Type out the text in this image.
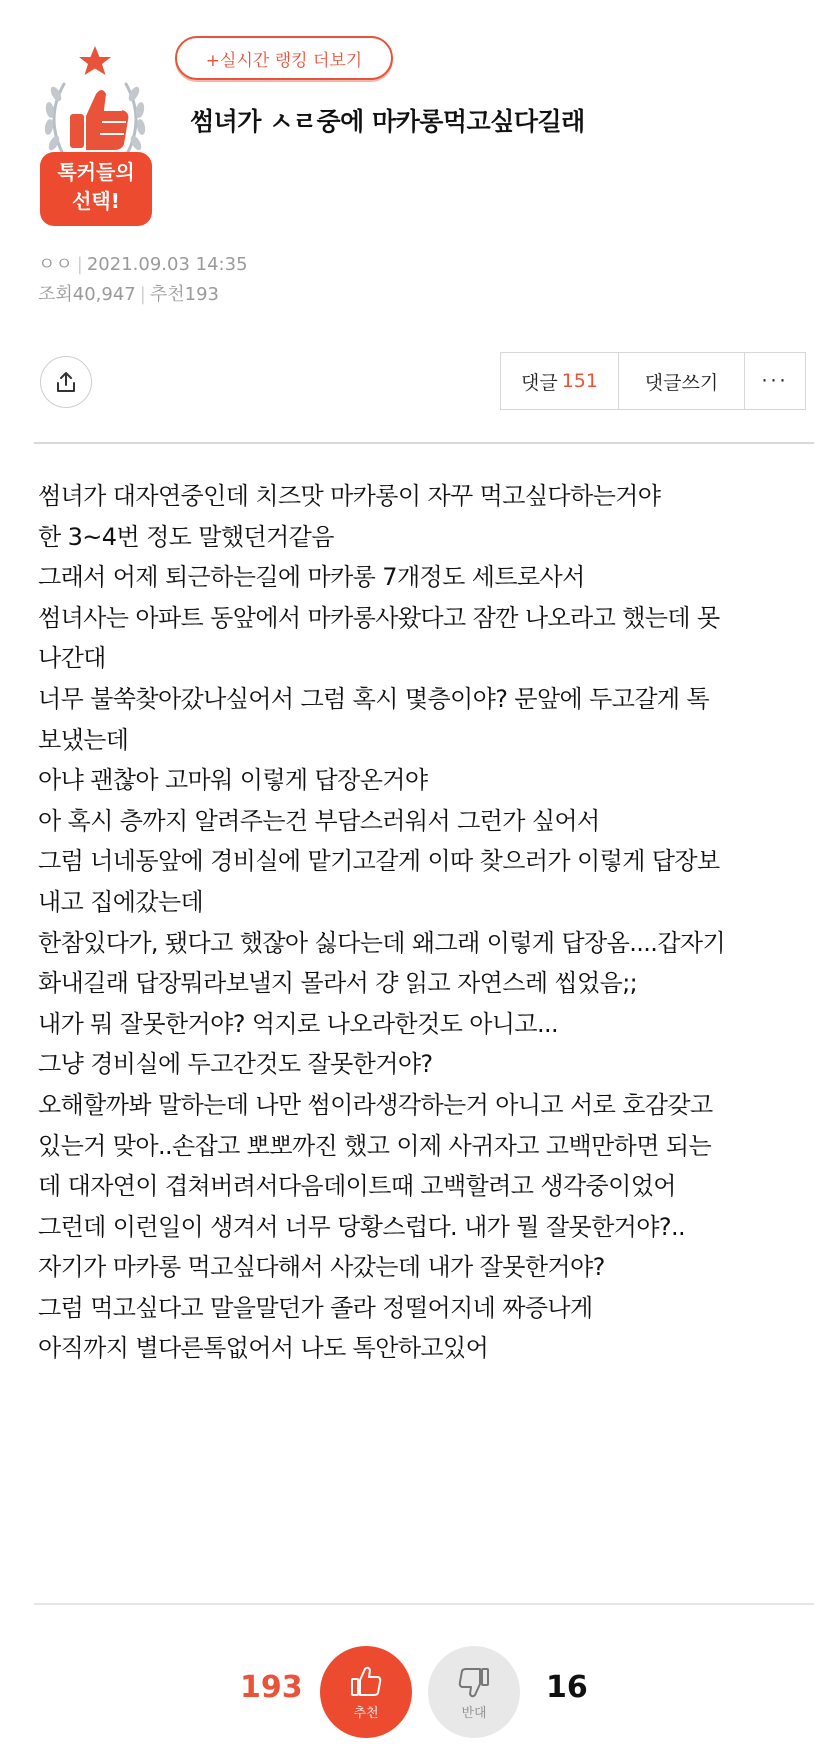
+실시간 랭킹 더보기
톡커들의
선택!
썸녀가 ㅅㄹ중에 마카롱먹고싶다길래
ㅇㅇ | 2021.09.03 14:35
조회40,947 | 추천193
댓글 151	댓글쓰기	···

썸녀가 대자연중인데 치즈맛 마카롱이 자꾸 먹고싶다하는거야

한 3~4번 정도 말했던거같음

그래서 어제 퇴근하는길에 마카롱 7개정도 세트로사서

썸녀사는 아파트 동앞에서 마카롱사왔다고 잠깐 나오라고 했는데 못

나간대

너무 불쑥찾아갔나싶어서 그럼 혹시 몇층이야? 문앞에 두고갈게 톡

보냈는데

아냐 괜찮아 고마워 이렇게 답장온거야

아 혹시 층까지 알려주는건 부담스러워서 그런가 싶어서

그럼 너네동앞에 경비실에 맡기고갈게 이따 찾으러가 이렇게 답장보

내고 집에갔는데

한참있다가, 됐다고 했잖아 싫다는데 왜그래 이렇게 답장옴....갑자기

화내길래 답장뭐라보낼지 몰라서 걍 읽고 자연스레 씹었음;;

내가 뭐 잘못한거야? 억지로 나오라한것도 아니고...

그냥 경비실에 두고간것도 잘못한거야?

오해할까봐 말하는데 나만 썸이라생각하는거 아니고 서로 호감갖고

있는거 맞아..손잡고 뽀뽀까진 했고 이제 사귀자고 고백만하면 되는

데 대자연이 겹쳐버려서다음데이트때 고백할려고 생각중이었어

그런데 이런일이 생겨서 너무 당황스럽다. 내가 뭘 잘못한거야?..

자기가 마카롱 먹고싶다해서 사갔는데 내가 잘못한거야?

그럼 먹고싶다고 말을말던가 졸라 정떨어지네 짜증나게

아직까지 별다른톡없어서 나도 톡안하고있어

193
추천	반대
16
